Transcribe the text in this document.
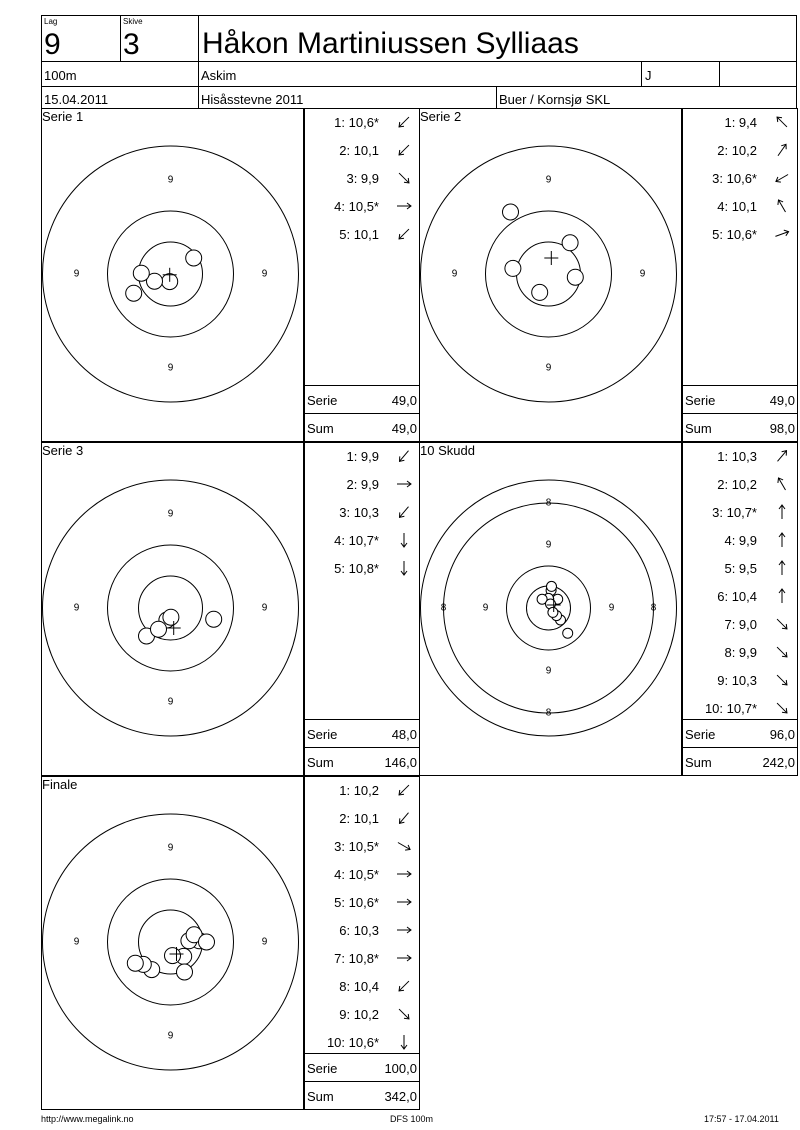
Lag
9
Skive
3 Håkon Martiniussen Sylliaas
100m	Askim	J
15.04.2011	Hisåsstevne 2011	Buer / Kornsjø SKL
Serie 1
9
9
9	9
1: 10,6*
2: 10,1
3: 9,9
4: 10,5*
5: 10,1
Serie	49,0
Sum	49,0
Serie 2
9
9
9	9
1: 9,4
2: 10,2
3: 10,6*
4: 10,1
5: 10,6*
Serie	49,0
Sum	98,0
Serie 3
9
9
9	9
1: 9,9
2: 9,9
3: 10,3
4: 10,7*
5: 10,8*
Serie	48,0
Sum	146,0
10 Skudd
8
8
8	8
9
9
9	9
1: 10,3
2: 10,2
3: 10,7*
4: 9,9
5: 9,5
6: 10,4
7: 9,0
8: 9,9
9: 10,3
10: 10,7*
Serie	96,0
Sum	242,0
Finale
9
9
9	9
1: 10,2
2: 10,1
3: 10,5*
4: 10,5*
5: 10,6*
6: 10,3
7: 10,8*
8: 10,4
9: 10,2
10: 10,6*
Serie	100,0
Sum	342,0
http://www.megalink.no	DFS 100m	17:57 - 17.04.2011
